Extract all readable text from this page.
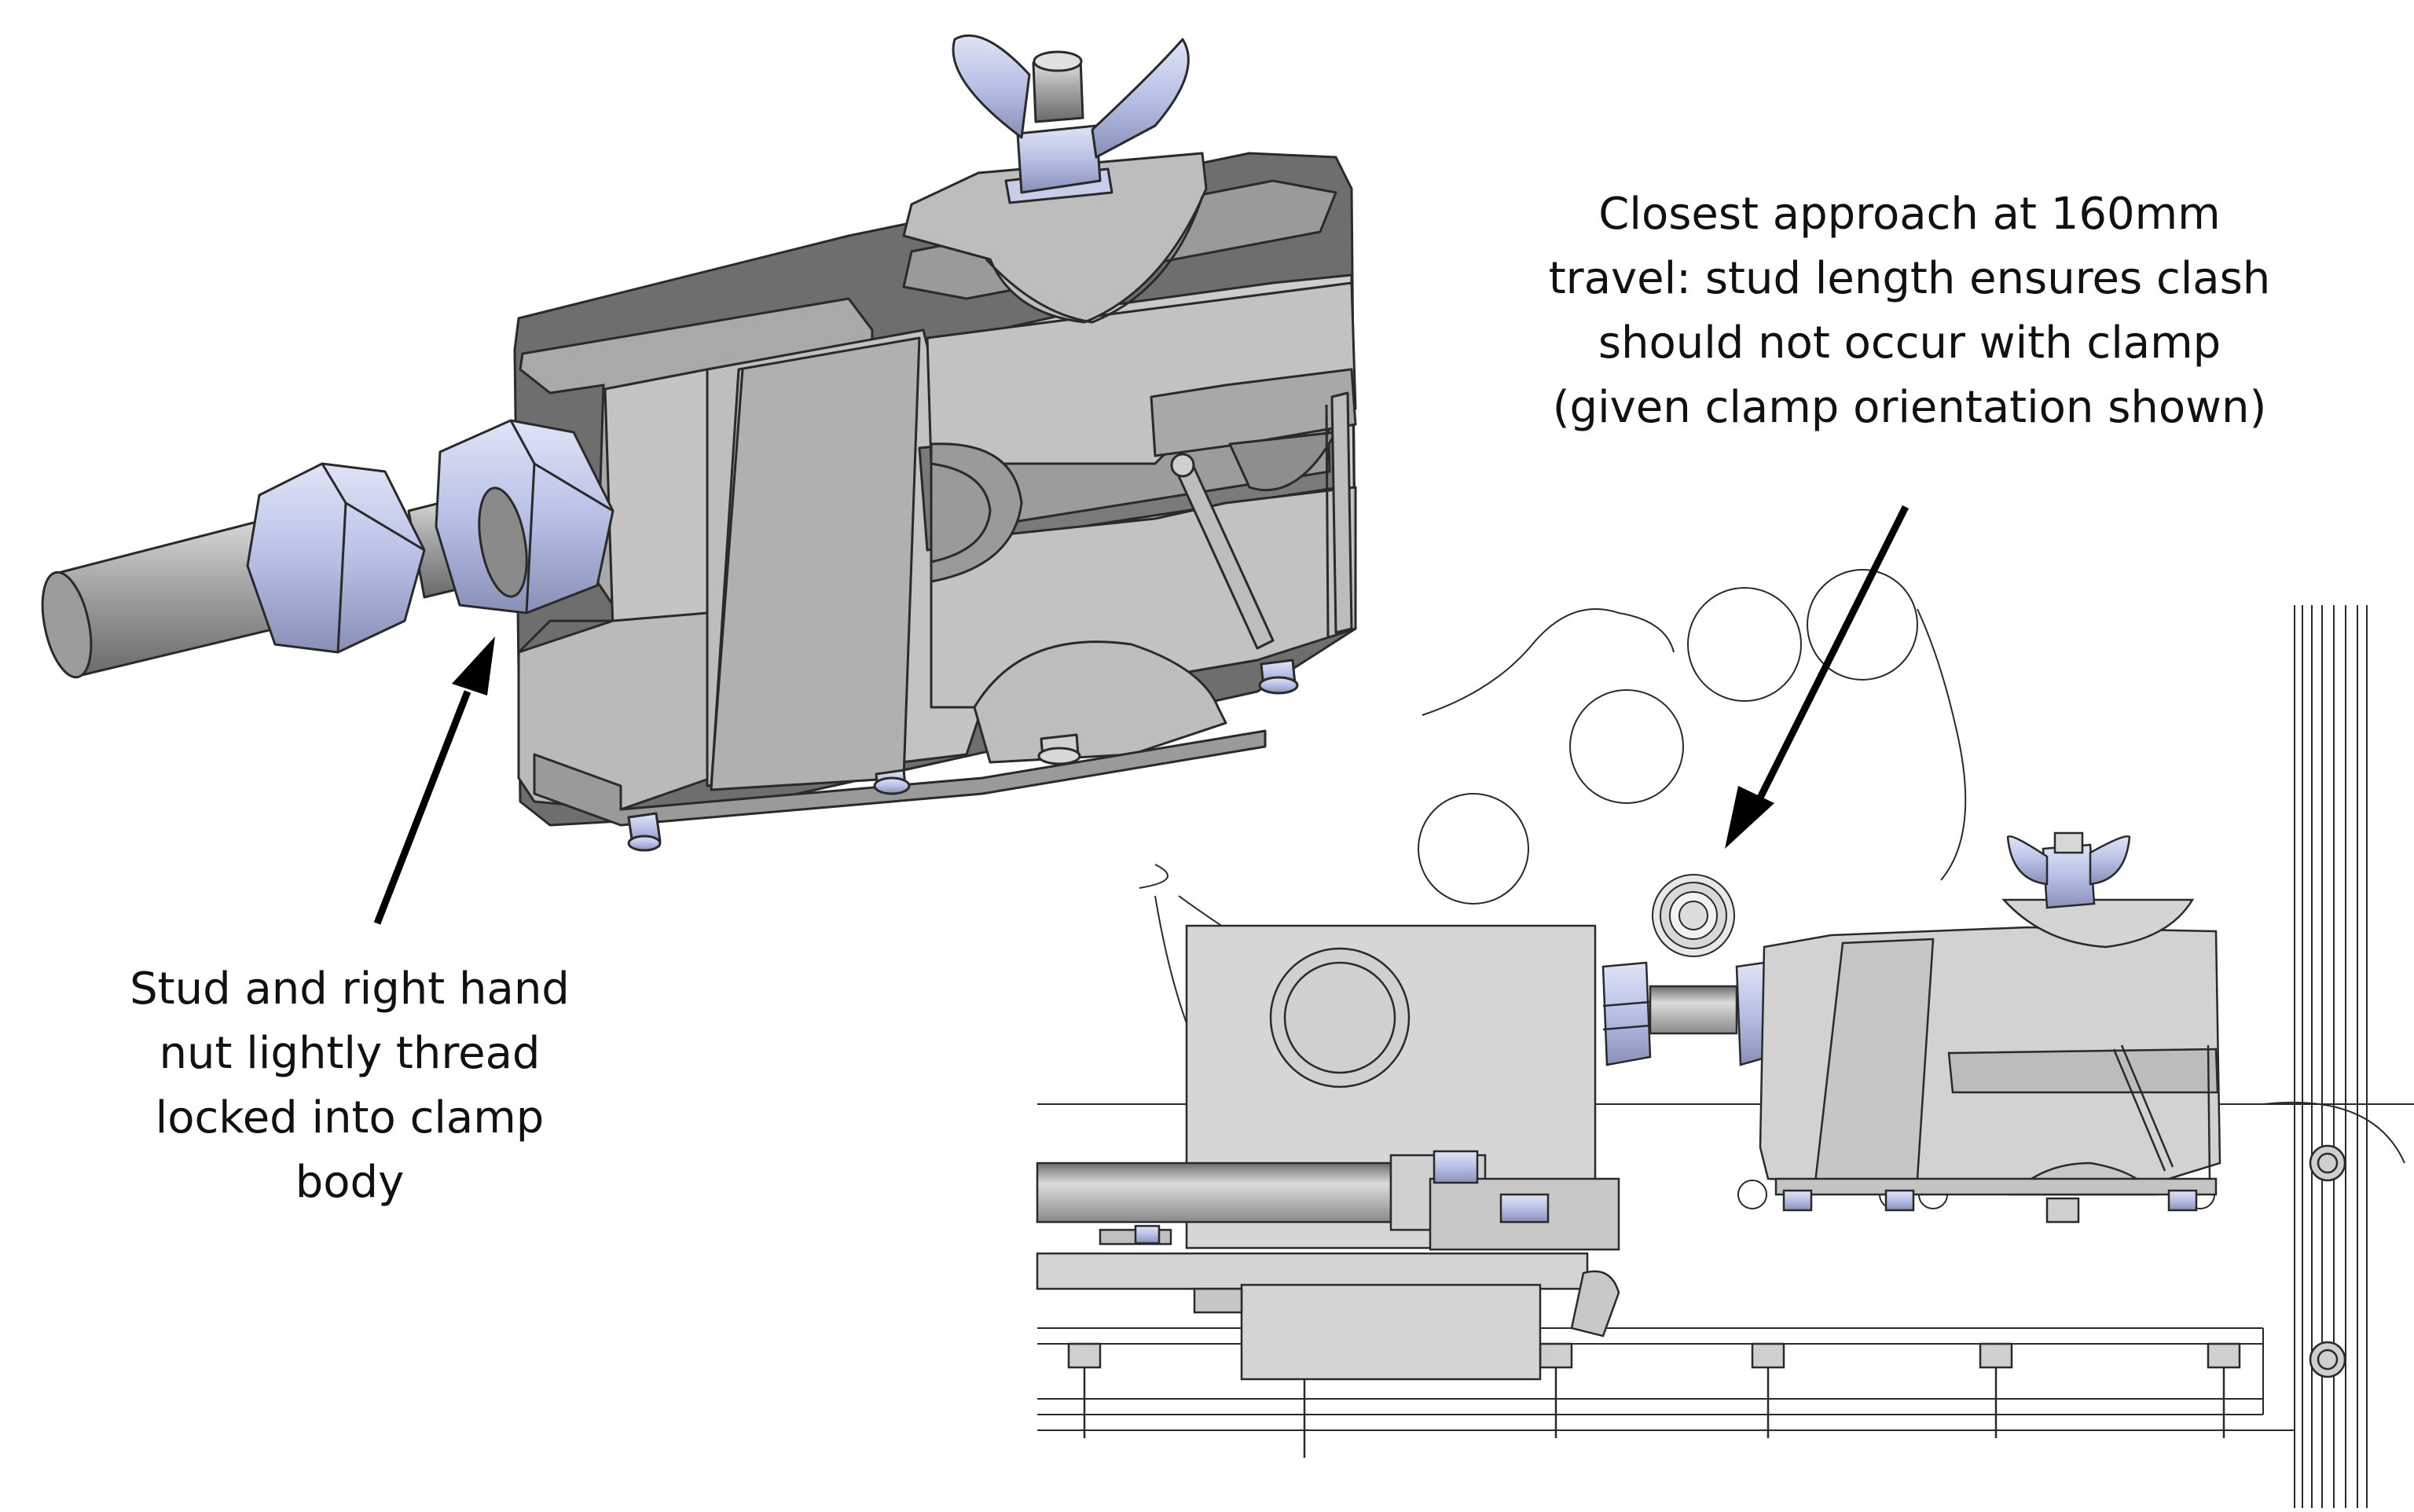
Stud and right hand
nut lightly thread
locked into clamp
body
Closest approach at 160mm
travel: stud length ensures clash
should not occur with clamp
(given clamp orientation shown)
